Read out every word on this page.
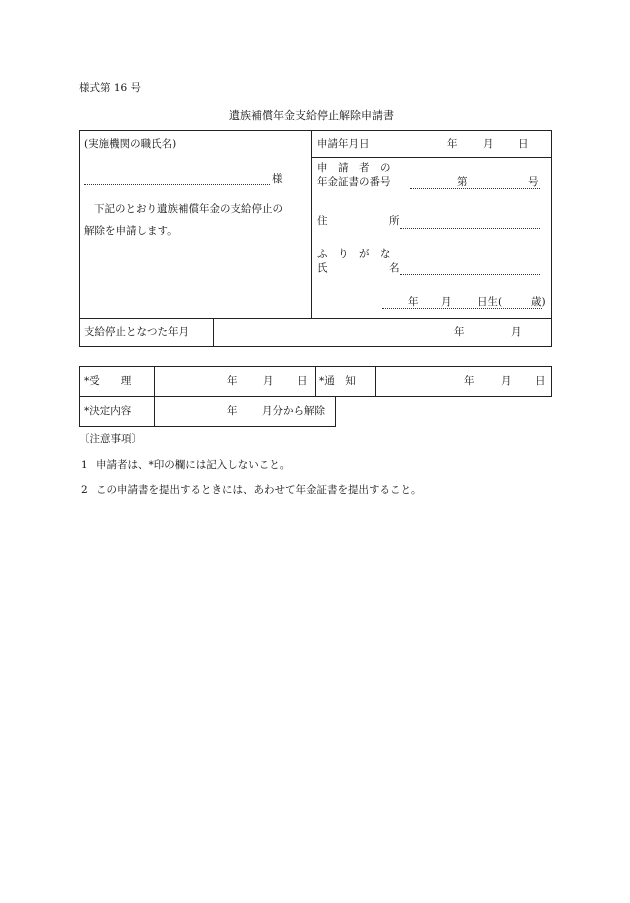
様式第 16 号
遺族補償年金支給停止解除申請書
(実施機関の職氏名)
様
下記のとおり遺族補償年金の支給停止の
解除を申請します。
申請年月日	年 月 日
申　請　者　の
年金証書の番号	第	号
住	所
ふ　り　が　な
氏	名
年 月 日生(	歳)
支給停止となつた年月	年	月
*受　　理	年 月 日 *通　知	年	月 日
*決定内容	年 月分から解除
〔注意事項〕
1 申請者は、*印の欄には記入しないこと。
2 この申請書を提出するときには、あわせて年金証書を提出すること。
